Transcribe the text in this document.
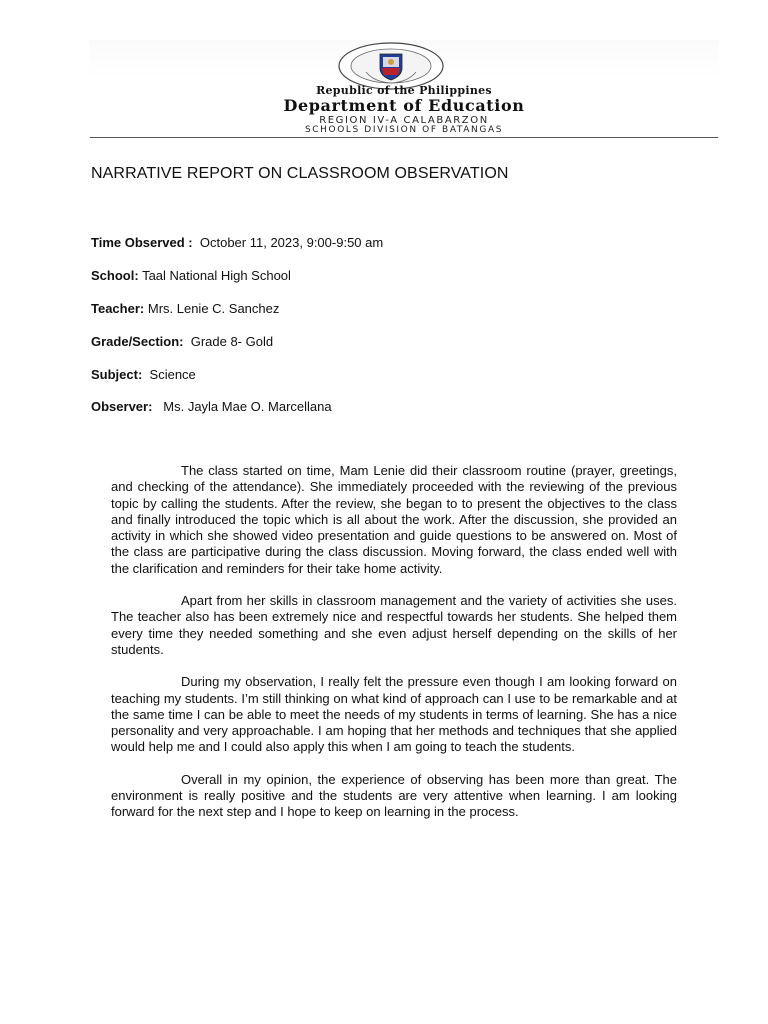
Republic of the Philippines
Department of Education
REGION IV-A CALABARZON
SCHOOLS DIVISION OF BATANGAS
NARRATIVE REPORT ON CLASSROOM OBSERVATION
Time Observed : October 11, 2023, 9:00-9:50 am
School: Taal National High School
Teacher: Mrs. Lenie C. Sanchez
Grade/Section: Grade 8- Gold
Subject: Science
Observer: Ms. Jayla Mae O. Marcellana

The class started on time, Mam Lenie did their classroom routine (prayer, greetings, and checking of the attendance). She immediately proceeded with the reviewing of the previous topic by calling the students. After the review, she began to to present the objectives to the class and finally introduced the topic which is all about the work. After the discussion, she provided an activity in which she showed video presentation and guide questions to be answered on. Most of the class are participative during the class discussion. Moving forward, the class ended well with the clarification and reminders for their take home activity.

Apart from her skills in classroom management and the variety of activities she uses. The teacher also has been extremely nice and respectful towards her students. She helped them every time they needed something and she even adjust herself depending on the skills of her students.

During my observation, I really felt the pressure even though I am looking forward on teaching my students. I’m still thinking on what kind of approach can I use to be remarkable and at the same time I can be able to meet the needs of my students in terms of learning. She has a nice personality and very approachable. I am hoping that her methods and techniques that she applied would help me and I could also apply this when I am going to teach the students.

Overall in my opinion, the experience of observing has been more than great. The environment is really positive and the students are very attentive when learning. I am looking forward for the next step and I hope to keep on learning in the process.
